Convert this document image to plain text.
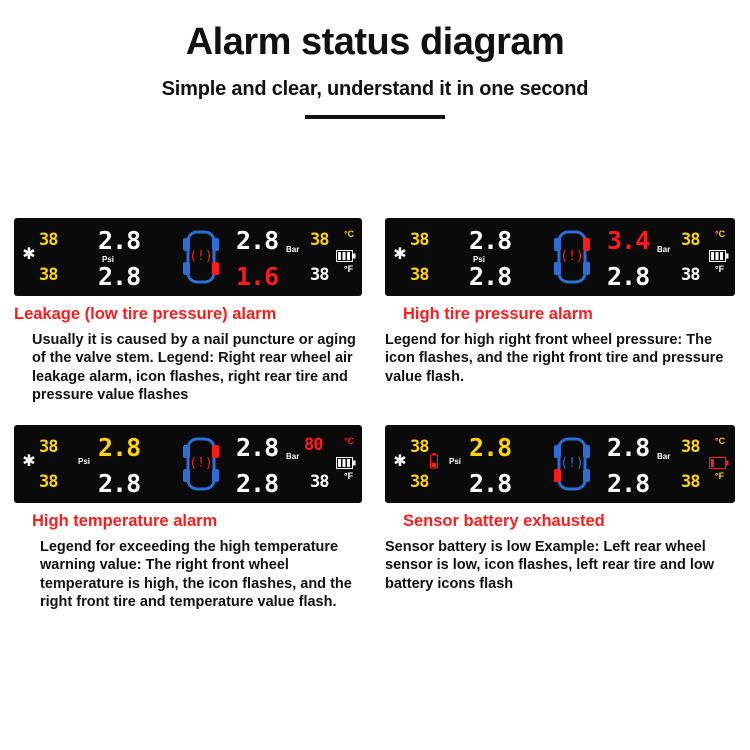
Alarm status diagram

Simple and clear, understand it in one second

✱
38 2.8
Psi
38 2.8
(!)
2.8 Bar 38 °C
1.6 38 °F
Leakage (low tire pressure) alarm
Usually it is caused by a nail puncture or aging of the valve stem. Legend: Right rear wheel air leakage alarm, icon flashes, right rear tire and pressure value flashes
✱
38 2.8
Psi
38 2.8
(!)
3.4 Bar 38 °C
2.8 38 °F
High tire pressure alarm
Legend for high right front wheel pressure: The icon flashes, and the right front tire and pressure value flash.
✱
38 2.8
Psi
38 2.8
(!)
2.8 Bar
80 °C
2.8 38 °F
High temperature alarm
Legend for exceeding the high temperature warning value: The right front wheel temperature is high, the icon flashes, and the right front tire and temperature value flash.
✱
38 2.8
Psi
38 2.8
(!)
2.8 Bar 38 °C
2.8 38 °F
Sensor battery exhausted
Sensor battery is low Example: Left rear wheel sensor is low, icon flashes, left rear tire and low battery icons flash
